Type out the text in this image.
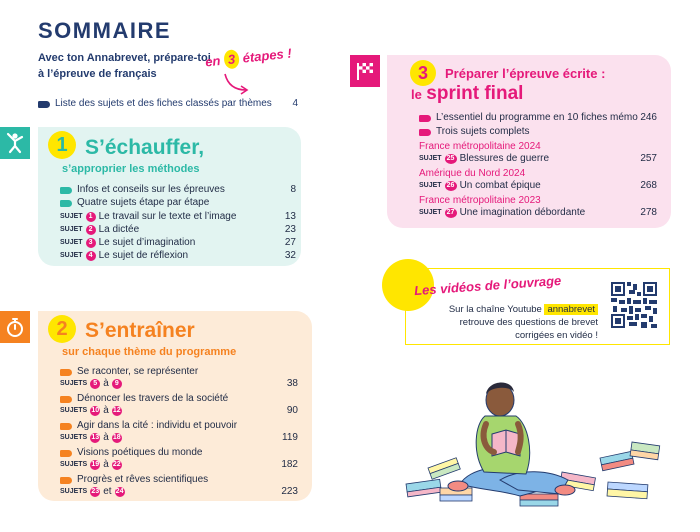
SOMMAIRE
Avec ton Annabrevet, prépare-toi
à l’épreuve de français
en 3 étapes !
Liste des sujets et des fiches classés par thèmes 4
1 S’échauffer,
s’approprier les méthodes
Infos et conseils sur les épreuves	8
Quatre sujets étape par étape
SUJET 1 Le travail sur le texte et l’image	13
SUJET 2 La dictée	23
SUJET 3 Le sujet d’imagination	27
SUJET 4 Le sujet de réflexion	32
2 S’entraîner
sur chaque thème du programme
Se raconter, se représenter
SUJETS 5 à 9	38
Dénoncer les travers de la société
SUJETS 10 à 12	90
Agir dans la cité : individu et pouvoir
SUJETS 13 à 18	119
Visions poétiques du monde
SUJETS 19 à 22	182
Progrès et rêves scientifiques
SUJETS 23 et 24	223
3	Préparer l’épreuve écrite :
le sprint final
L’essentiel du programme en 10 fiches mémo 246
Trois sujets complets
France métropolitaine 2024
SUJET 25 Blessures de guerre	257
Amérique du Nord 2024
SUJET 26 Un combat épique	268
France métropolitaine 2023
SUJET 27 Une imagination débordante	278
Les vidéos de l’ouvrage
Sur la chaîne Youtube annabrevet
retrouve des questions de brevet
corrigées en vidéo !
